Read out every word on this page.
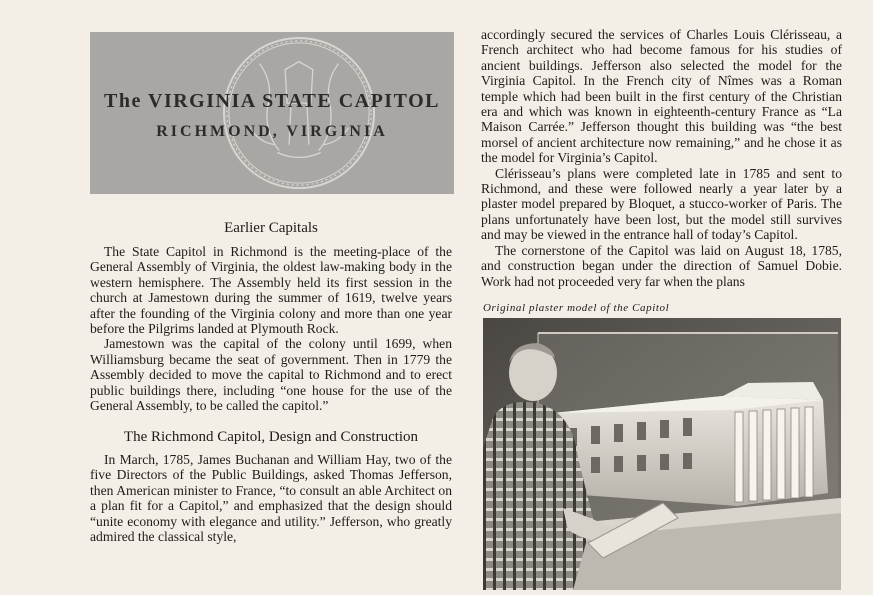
The VIRGINIA STATE CAPITOL
RICHMOND, VIRGINIA
Earlier Capitals

The State Capitol in Richmond is the meeting-place of the General Assembly of Virginia, the oldest law-making body in the western hemisphere. The Assembly held its first session in the church at Jamestown during the summer of 1619, twelve years after the founding of the Virginia colony and more than one year before the Pilgrims landed at Plymouth Rock.

Jamestown was the capital of the colony until 1699, when Williamsburg became the seat of government. Then in 1779 the Assembly decided to move the capital to Richmond and to erect public buildings there, including “one house for the use of the General Assembly, to be called the capitol.”

The Richmond Capitol, Design and Construction

In March, 1785, James Buchanan and William Hay, two of the five Directors of the Public Buildings, asked Thomas Jefferson, then American minister to France, “to consult an able Architect on a plan fit for a Capitol,” and emphasized that the design should “unite economy with elegance and utility.” Jefferson, who greatly admired the classical style,

accordingly secured the services of Charles Louis Clérisseau, a French architect who had become famous for his studies of ancient buildings. Jefferson also selected the model for the Virginia Capitol. In the French city of Nîmes was a Roman temple which had been built in the first century of the Christian era and which was known in eighteenth-century France as “La Maison Carrée.” Jefferson thought this building was “the best morsel of ancient architecture now remaining,” and he chose it as the model for Virginia’s Capitol.

Clérisseau’s plans were completed late in 1785 and sent to Richmond, and these were followed nearly a year later by a plaster model prepared by Bloquet, a stucco-worker of Paris. The plans unfortunately have been lost, but the model still survives and may be viewed in the entrance hall of today’s Capitol.

The cornerstone of the Capitol was laid on August 18, 1785, and construction began under the direction of Samuel Dobie. Work had not proceeded very far when the plans

Original plaster model of the Capitol
